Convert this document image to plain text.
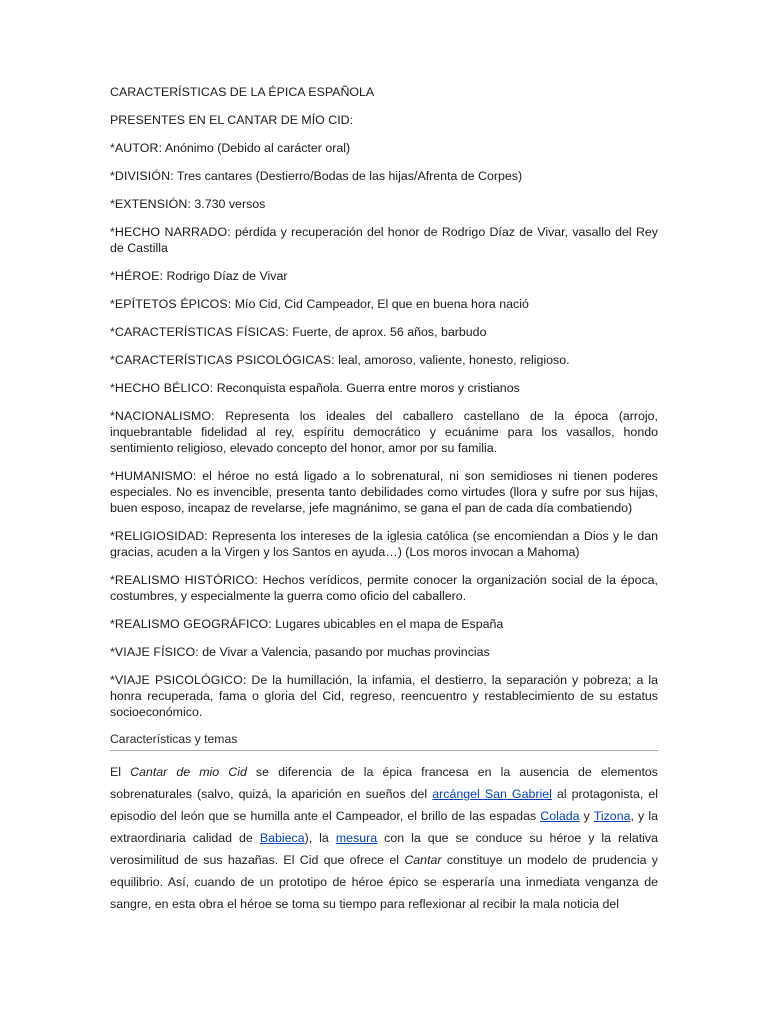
CARACTERÍSTICAS DE LA ÉPICA ESPAÑOLA

PRESENTES EN EL CANTAR DE MÍO CID:

*AUTOR: Anónimo (Debido al carácter oral)

*DIVISIÓN: Tres cantares (Destierro/Bodas de las hijas/Afrenta de Corpes)

*EXTENSIÓN: 3.730 versos

*HECHO NARRADO: pérdida y recuperación del honor de Rodrigo Díaz de Vivar, vasallo del Rey de Castilla

*HÉROE: Rodrigo Díaz de Vivar

*EPÍTETOS ÉPICOS: Mío Cid, Cid Campeador, El que en buena hora nació

*CARACTERÍSTICAS FÍSICAS: Fuerte, de aprox. 56 años, barbudo

*CARACTERÍSTICAS PSICOLÓGICAS: leal, amoroso, valiente, honesto, religioso.

*HECHO BÉLICO: Reconquista española. Guerra entre moros y cristianos

*NACIONALISMO: Representa los ideales del caballero castellano de la época (arrojo, inquebrantable fidelidad al rey, espíritu democrático y ecuánime para los vasallos, hondo sentimiento religioso, elevado concepto del honor, amor por su familia.

*HUMANISMO: el héroe no está ligado a lo sobrenatural, ni son semidioses ni tienen poderes especiales. No es invencible, presenta tanto debilidades como virtudes (llora y sufre por sus hijas, buen esposo, incapaz de revelarse, jefe magnánimo, se gana el pan de cada día combatiendo)

*RELIGIOSIDAD: Representa los intereses de la iglesia católica (se encomiendan a Dios y le dan gracias, acuden a la Virgen y los Santos en ayuda…) (Los moros invocan a Mahoma)

*REALISMO HISTÓRICO: Hechos verídicos, permite conocer la organización social de la época, costumbres, y especialmente la guerra como oficio del caballero.

*REALISMO GEOGRÁFICO: Lugares ubicables en el mapa de España

*VIAJE FÍSICO: de Vivar a Valencia, pasando por muchas provincias

*VIAJE PSICOLÓGICO: De la humillación, la infamia, el destierro, la separación y pobreza; a la honra recuperada, fama o gloria del Cid, regreso, reencuentro y restablecimiento de su estatus socioeconómico.

Características y temas

El Cantar de mio Cid se diferencia de la épica francesa en la ausencia de elementos sobrenaturales (salvo, quizá, la aparición en sueños del arcángel San Gabriel al protagonista, el episodio del león que se humilla ante el Campeador, el brillo de las espadas Colada y Tizona, y la extraordinaria calidad de Babieca), la mesura con la que se conduce su héroe y la relativa verosimilitud de sus hazañas. El Cid que ofrece el Cantar constituye un modelo de prudencia y equilibrio. Así, cuando de un prototipo de héroe épico se esperaría una inmediata venganza de sangre, en esta obra el héroe se toma su tiempo para reflexionar al recibir la mala noticia del
